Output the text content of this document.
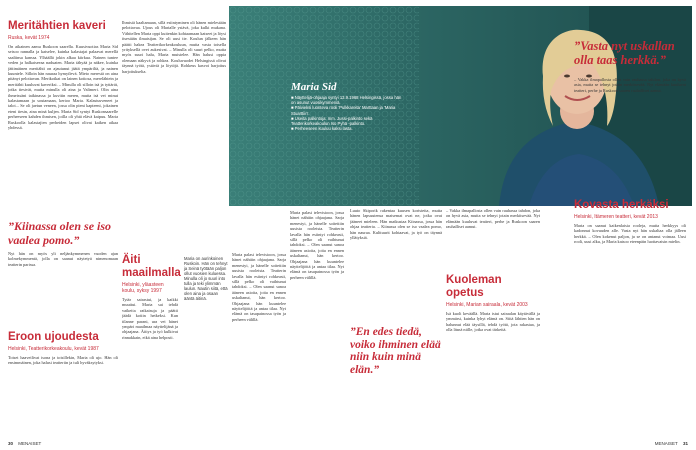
Meritähtien kaveri
Ruska, kevät 1974

On aikainen aamu Ruskoon saarella. Kuusivuotias Maria Sid seisoo rannalla ja katselee, kuinka kalastajat palaavat merellä saaliinsa kanssa. Ylhäällä jokin alkaa kiirkua. Nainen tuntee veden ja halkaiseeaa naduaten. Maria tähyää ja näkee, kuinka jättimäinen meritähti on ajautunut jäätä ympäriltä, ja nainen kuuntele. Silloin hän nauraa hymyilevä. Mieto merestä on aina pitänyt pelottavan. Merikotkat on lainen kotiosa, merelähtein ja meritähti kuuluvat kaveriksi. – Minulla oli silloin isä ja tyttärät, jotka tiesivät, mutta minulla oli aina ja Valimeri. Olin aina ihmeissäni taikinassa ja kuvitin meren, mutta isä vei minut kalastamaan ja soutamaan, kertoo Maria. Kalastusveneet ja talot... Se oli jaetun veneen, jossa olin pieni kapteeni, jokainen eteni tiesin, aina minä kuljen. Maria Sid syntyi Ruskonsaarelle perheeseen kahden ihmisen, joilla oli yhtä elävä kaipuu. Maria Ruskoolla kalastajien perheiden lapset olivat kaiken aikaa yhdessä.

”Kiinassa olen se iso vaalea pomo.”

Nyt hän on myös yli neljänkymmenen vuoden ajan kolmekymmentä, jolla on saanut näytetyä nimenomaan teatterin parissa.

Eroon ujoudesta
Helsinki, Teatterikorkeakoulu, kevät 1987

Toiset haaveilivat isona ja toisillekin, Maria oli ujo. Hän oli ensimmäinen, joka halusi teatteriin ja tuli hyväksytyksi.

Ihmisiä kaaltamaan, sillä esiintyminen oli hänen mielestään pelottavaa. Ujous oli Marialle ystävä, joka kulki mukana. Vähitellen Maria oppi kuitenkin kohtaamaan katseet ja löysi itsestään ilmaisijan. Se oli uusi tie. Koulun jälkeen hän päätti hakea Teatterikorkeakouluun, mutta vasta toisella yrityksellä ovet aukesivat. – Minulla oli suuri pelko, mutta myös suuri halu, Maria muistelee. Hän halusi oppia olemaan näkyvä ja rohkea. Kouluvuodet Helsingissä olivat täynnä työtä, ystäviä ja löytöjä. Rohkeus kasvoi harjoitus harjoitukselta.

Äiti maailmalla
Helsinki, yläasteen koulu, syksy 1997

Tytär sairastui, ja kaikki muuttui. Maria sai tehdä vaikeita ratkaisuja ja päätti jäädä kotiin hetkeksi. Kun tilanne parani, ura vei hänet ympäri maailmaa näyttelijänä ja ohjaajana. Äitiys ja työ kulkivat rinnakkain, eikä aina helposti.

Maria Sid
■ Näyttelijä-ohjaaja syntyi 13.9.1968 Helsingissä, jossa hän on asunut vuosikymmeniä.
■ Päivieksi luonteva rooli 'Pulkkareita' Marttaan ja 'Maria Stuarttiin'.
■ Useita palkintoja: mm. Jussi-palkinto sekä Teatterikorkeakoulun Iso Pyhä -palkinto.
■ Perheeseen kuuluu kaksi lasta.
Maria on aurinkoinen Ruskoin. Hän on tehnyt ja Seinä työtään paljon ollut vuosien kuluessa. Minulla oli jo suuri into tulla ja teki ylimmän laulun. Nautin siitä, että olen aina ja osaan ääntä äitinä.

Maria palasi televisioon, jossa hänet nähtiin ohjaajana. Sarja menestyi, ja hänelle soitettiin uusista rooleista. Teatterin lavalla hän esiintyi rohkeasti, sillä pelko oli vaihtunut tahdoksi. – Olen saanut sanoa ääneen asioita, joita en ennen uskaltanut, hän kertoo. Ohjaajana hän kuuntelee näyttelijöitä ja antaa tilaa. Nyt elämä on tasapainossa työn ja perheen välillä.

Maria palasi televisioon, jossa hänet nähtiin ohjaajana. Sarja menestyi, ja hänelle soitettiin uusista rooleista. Teatterin lavalla hän esiintyi rohkeasti, sillä pelko oli vaihtunut tahdoksi. – Olen saanut sanoa ääneen asioita, joita en ennen uskaltanut, hän kertoo. Ohjaajana hän kuuntelee näyttelijöitä ja antaa tilaa. Nyt elämä on tasapainossa työn ja perheen välillä.

Luuto Skiporik rakentaa kuusen koristeita, mutta hänen lapsuutensa maisemat ovat ne, jotka ovat jääneet mieleen. Hän matkustaa Kiinassa, jossa hän ohjaa teatteria. – Kiinassa olen se iso vaalea pomo, hän nauraa. Kulttuurit kohtaavat, ja työ on täynnä yllätyksiä.

”En edes tiedä, voiko ihminen elää niin kuin minä elän.”

– Vakka ilmapallosta ollen vain rauhassa tahdon, joka on hyvä asia, mutta se tehnyt jotain merkitsevää. Nyt elämään kuuluvat teatteri, perhe ja Ruskoon saaren rauhalliset aamut.

Kuoleman opetus
Helsinki, Marian sairaala, kevät 2003

Isä kuoli keväällä. Maria istui sairaalan käytävällä ja ymmärsi, kuinka lyhyt elämä on. Siitä lähtien hän on halunnut elää täysillä, tehdä työtä, jota rakastaa, ja olla läsnä niille, jotka ovat tärkeitä.

”Vasta nyt uskallan olla taas herkkä.”

– Vakka ilmapallosta ollen vain rauhassa tahdon, joka on hyvä asia, mutta se tehnyt jotain merkitsevää. Nyt elämään kuuluvat teatteri, perhe ja Ruskoon saaren rauhalliset aamut.

Kovasta herkäksi
Helsinki, Itämeren teatteri, kevät 2013

Maria on saanut kaikenlaisia rooleja, mutta herkkyys oli kadonnut kovuuden alle. Vasta nyt hän uskaltaa olla jälleen herkkä. – Olen kokenut paljon, ja se on antanut voimaa. Uusi rooli, uusi alku, ja Maria katsoo eteenpäin luottavaisin mielin.

30 MENAISET	MENAISET 31
